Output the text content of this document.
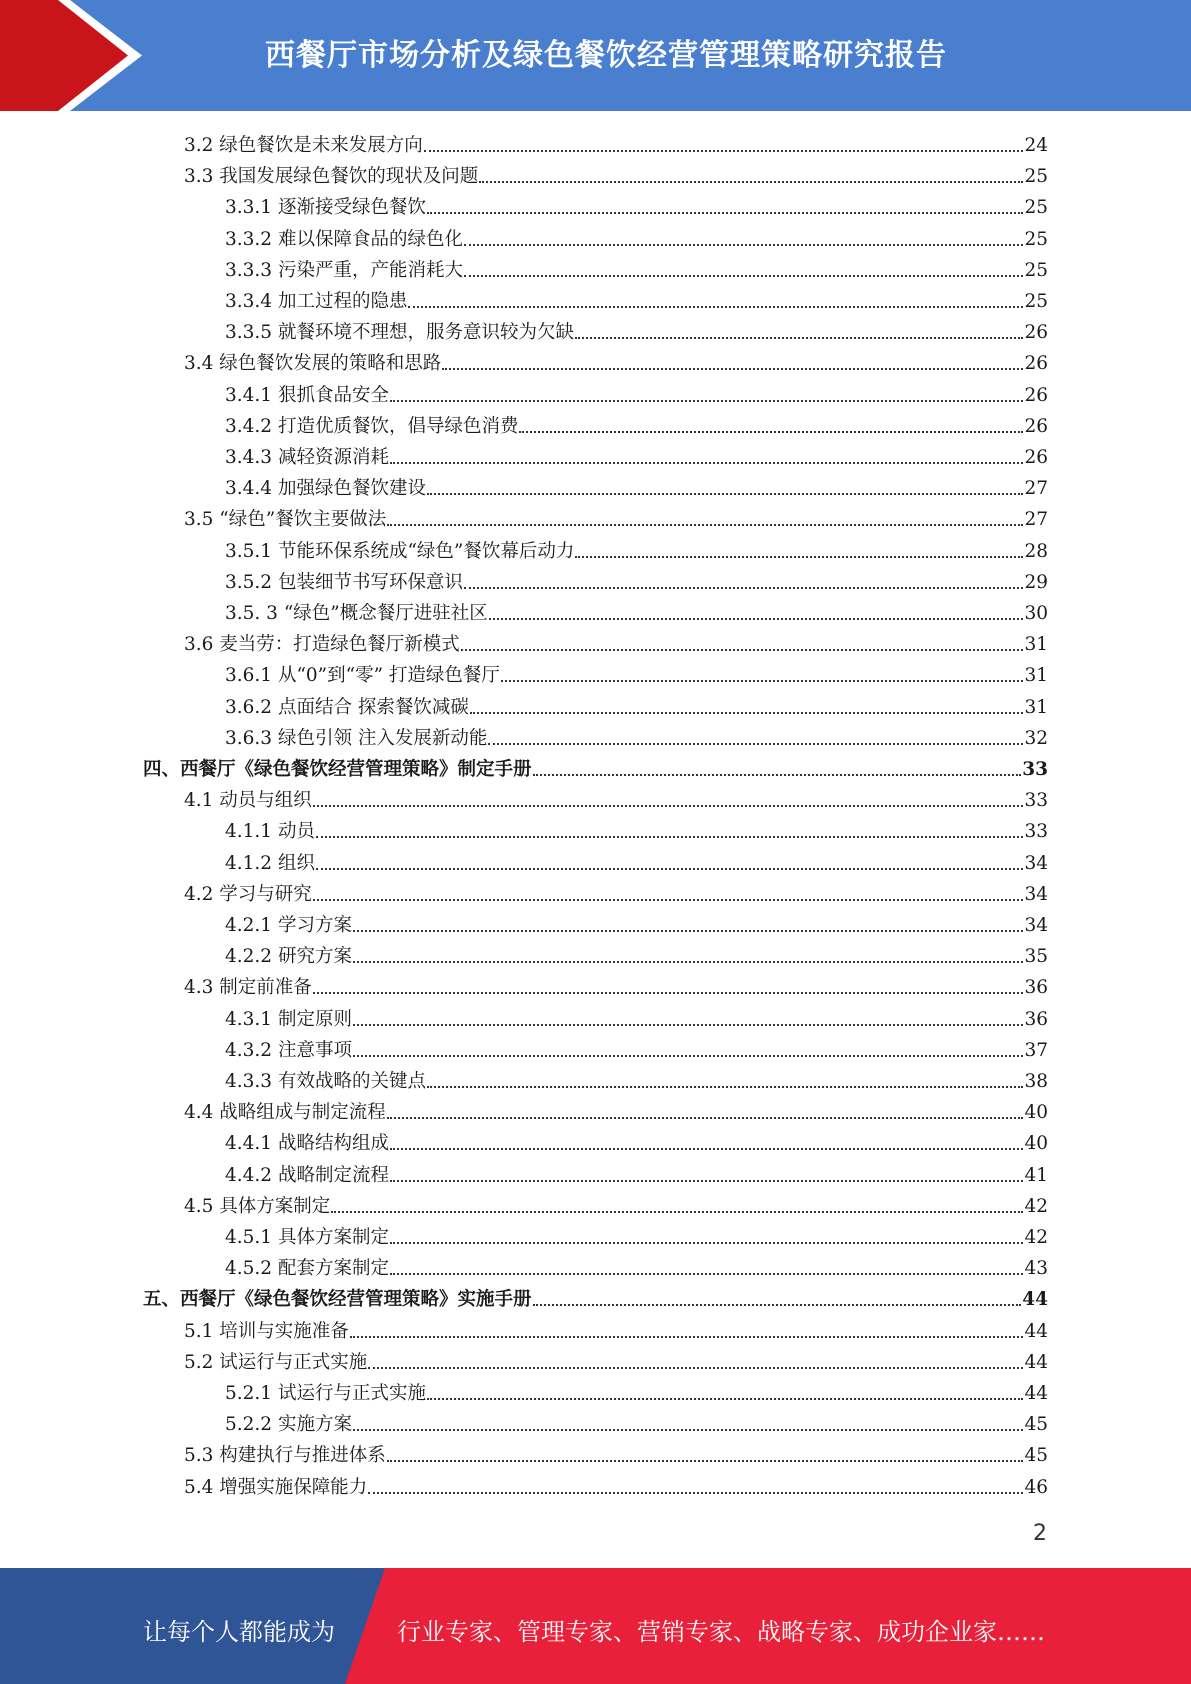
西餐厅市场分析及绿色餐饮经营管理策略研究报告
3.2 绿色餐饮是未来发展方向	24
3.3 我国发展绿色餐饮的现状及问题	25
3.3.1 逐渐接受绿色餐饮	25
3.3.2 难以保障食品的绿色化	25
3.3.3 污染严重，产能消耗大	25
3.3.4 加工过程的隐患	25
3.3.5 就餐环境不理想，服务意识较为欠缺	26
3.4 绿色餐饮发展的策略和思路	26
3.4.1 狠抓食品安全	26
3.4.2 打造优质餐饮，倡导绿色消费	26
3.4.3 减轻资源消耗	26
3.4.4 加强绿色餐饮建设	27
3.5 “绿色”餐饮主要做法	27
3.5.1 节能环保系统成“绿色”餐饮幕后动力	28
3.5.2 包装细节书写环保意识	29
3.5. 3 “绿色”概念餐厅进驻社区	30
3.6 麦当劳：打造绿色餐厅新模式	31
3.6.1 从“0”到“零” 打造绿色餐厅	31
3.6.2 点面结合 探索餐饮减碳	31
3.6.3 绿色引领 注入发展新动能	32
四、西餐厅《绿色餐饮经营管理策略》制定手册	33
4.1 动员与组织	33
4.1.1 动员	33
4.1.2 组织	34
4.2 学习与研究	34
4.2.1 学习方案	34
4.2.2 研究方案	35
4.3 制定前准备	36
4.3.1 制定原则	36
4.3.2 注意事项	37
4.3.3 有效战略的关键点	38
4.4 战略组成与制定流程	40
4.4.1 战略结构组成	40
4.4.2 战略制定流程	41
4.5 具体方案制定	42
4.5.1 具体方案制定	42
4.5.2 配套方案制定	43
五、西餐厅《绿色餐饮经营管理策略》实施手册	44
5.1 培训与实施准备	44
5.2 试运行与正式实施	44
5.2.1 试运行与正式实施	44
5.2.2 实施方案	45
5.3 构建执行与推进体系	45
5.4 增强实施保障能力	46
2
让每个人都能成为	行业专家、管理专家、营销专家、战略专家、成功企业家……
